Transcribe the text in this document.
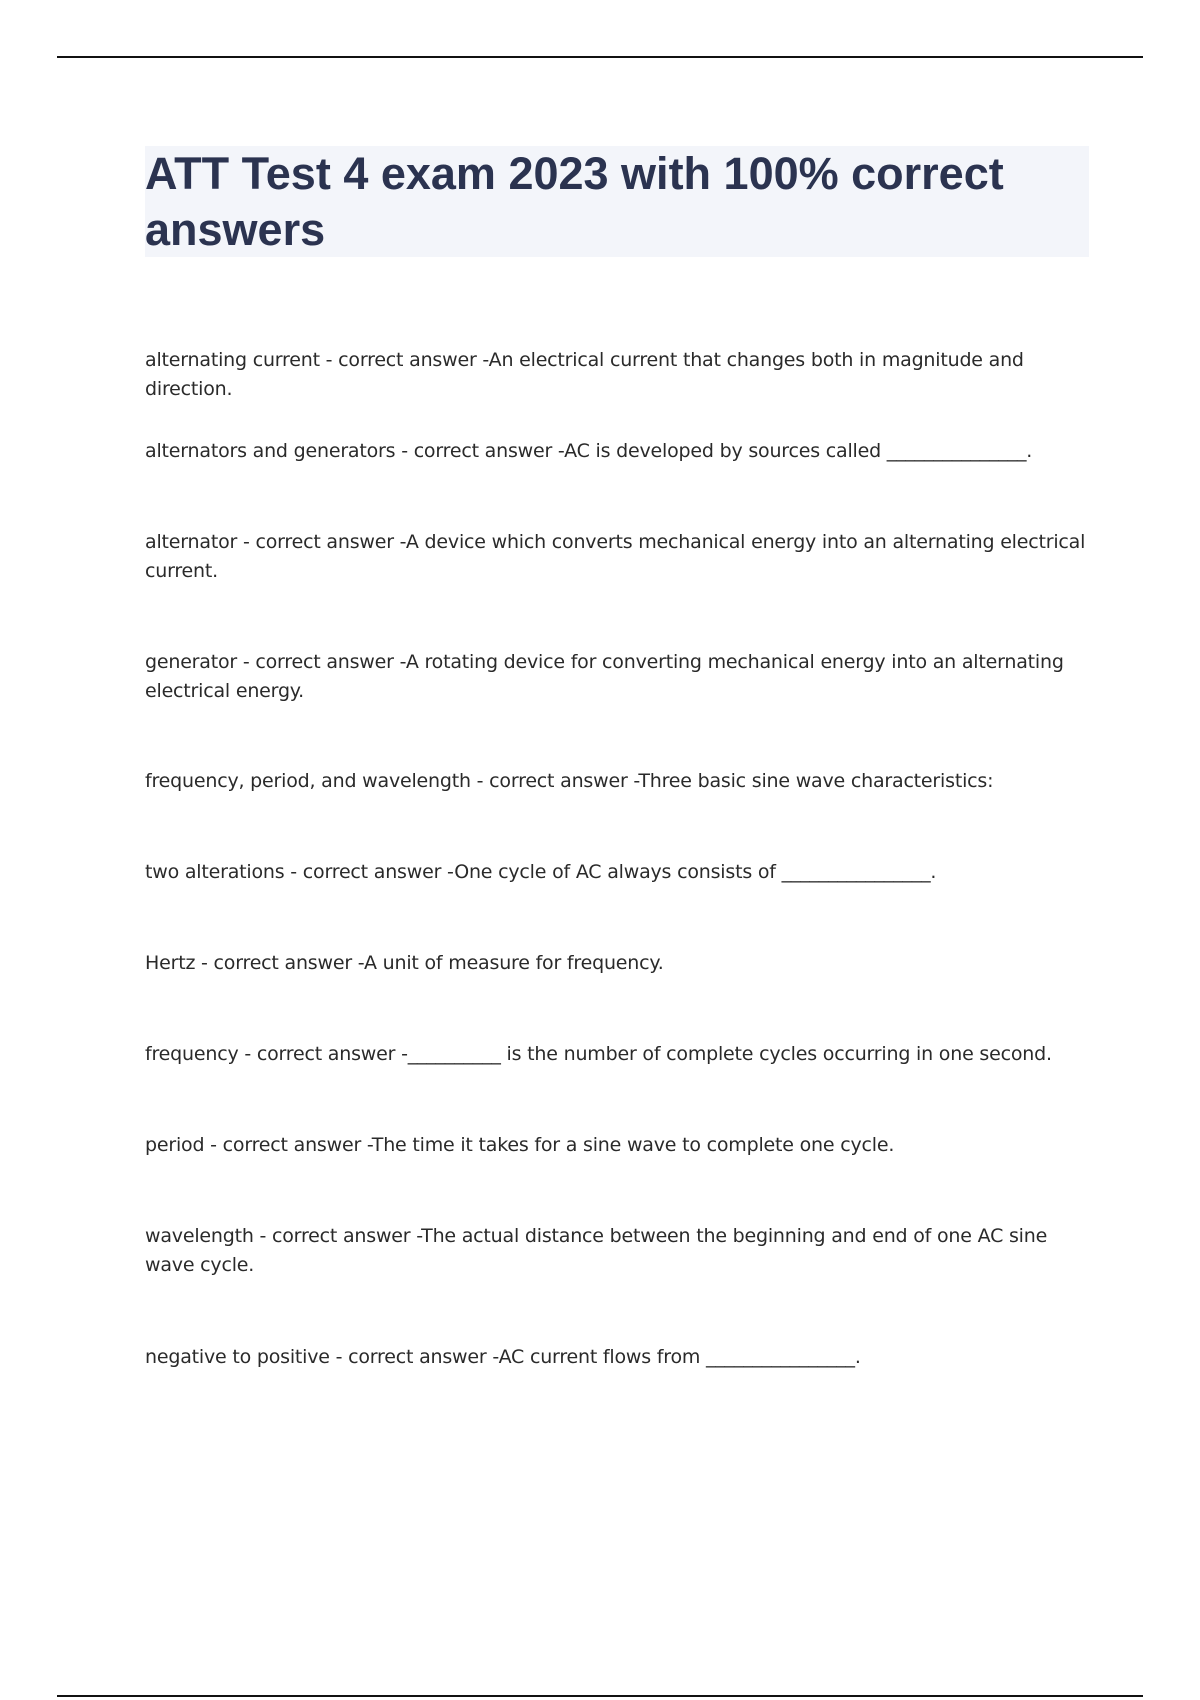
ATT Test 4 exam 2023 with 100% correct answers
alternating current - correct answer -An electrical current that changes both in magnitude and direction.
alternators and generators - correct answer -AC is developed by sources called _______________.
alternator - correct answer -A device which converts mechanical energy into an alternating electrical current.
generator - correct answer -A rotating device for converting mechanical energy into an alternating electrical energy.
frequency, period, and wavelength - correct answer -Three basic sine wave characteristics:
two alterations - correct answer -One cycle of AC always consists of ________________.
Hertz - correct answer -A unit of measure for frequency.
frequency - correct answer -__________ is the number of complete cycles occurring in one second.
period - correct answer -The time it takes for a sine wave to complete one cycle.
wavelength - correct answer -The actual distance between the beginning and end of one AC sine wave cycle.
negative to positive - correct answer -AC current flows from ________________.
